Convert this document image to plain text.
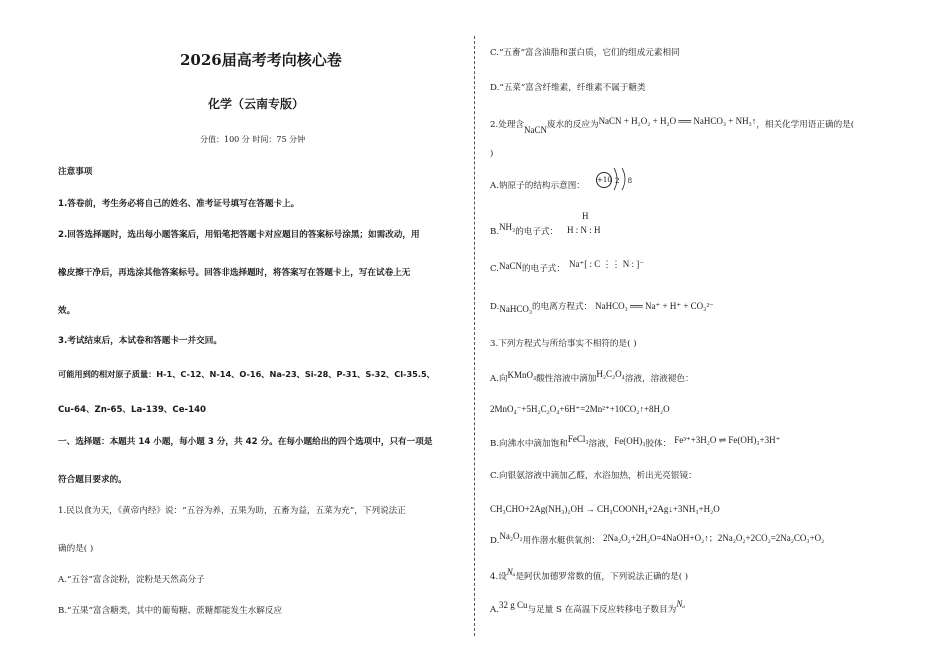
2026届高考考向核心卷
化学（云南专版）
分值：100 分 时间：75 分钟
注意事项
1.答卷前，考生务必将自己的姓名、准考证号填写在答题卡上。
2.回答选择题时，选出每小题答案后，用铅笔把答题卡对应题目的答案标号涂黑；如需改动，用
橡皮擦干净后，再选涂其他答案标号。回答非选择题时，将答案写在答题卡上，写在试卷上无
效。
3.考试结束后，本试卷和答题卡一并交回。
可能用到的相对原子质量：H-1、C-12、N-14、O-16、Na-23、Si-28、P-31、S-32、Cl-35.5、
Cu-64、Zn-65、La-139、Ce-140
一、选择题：本题共 14 小题，每小题 3 分，共 42 分。在每小题给出的四个选项中，只有一项是
符合题目要求的。
1.民以食为天，《黄帝内经》说：“五谷为养，五果为助，五畜为益，五菜为充”，下列说法正
确的是( )
A.“五谷”富含淀粉，淀粉是天然高分子
B.“五果”富含糖类，其中的葡萄糖、蔗糖都能发生水解反应
C.“五畜”富含油脂和蛋白质，它们的组成元素相同
D.“五菜”富含纤维素，纤维素不属于糖类
2.处理含NaCN废水的反应为NaCN + H₂O₂ + H₂O ══ NaHCO₃ + NH₃↑，相关化学用语正确的是(
)
A.钠原子的结构示意图：
+10 2 8
B.NH₃的电子式：
H
H : N : H
C.NaCN的电子式： Na⁺[ : C ⋮⋮ N : ]⁻
D.NaHCO₃的电离方程式： NaHCO₃ ══ Na⁺ + H⁺ + CO₃²⁻
3.下列方程式与所给事实不相符的是( )
A.向KMnO₄酸性溶液中滴加H₂C₂O₄溶液，溶液褪色：
2MnO₄⁻+5H₂C₂O₄+6H⁺=2Mn²⁺+10CO₂↑+8H₂O
B.向沸水中滴加饱和FeCl₃溶液，Fe(OH)₃胶体： Fe³⁺+3H₂O ⇌ Fe(OH)₃+3H⁺
C.向银氨溶液中滴加乙醛，水浴加热，析出光亮银镜：
CH₃CHO+2Ag(NH₃)₂OH → CH₃COONH₄+2Ag↓+3NH₃+H₂O
D.Na₂O₂用作潜水艇供氧剂： 2Na₂O₂+2H₂O=4NaOH+O₂↑；2Na₂O₂+2CO₂=2Na₂CO₃+O₂
4.设Nₐ是阿伏加德罗常数的值，下列说法正确的是( )
A.32 g Cu与足量 S 在高温下反应转移电子数目为Nₐ
